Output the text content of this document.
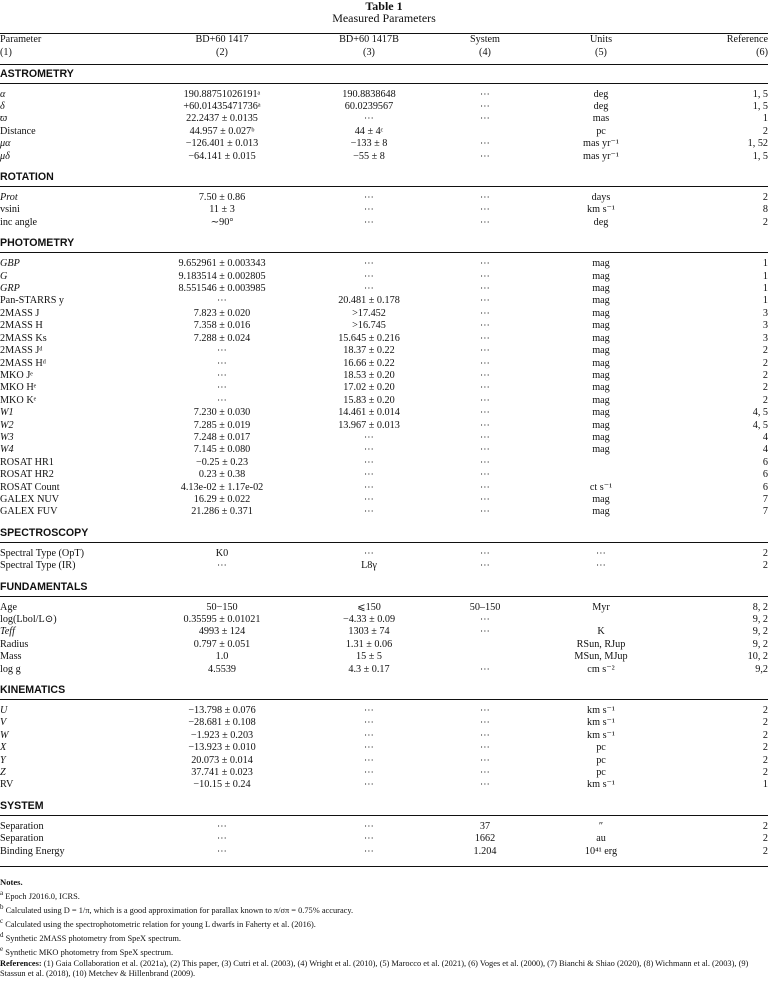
Table 1
Measured Parameters
Parameter	BD+60 1417	BD+60 1417B	System	Units	Reference
(1)	(2)	(3)	(4)	(5)	(6)

ASTROMETRY					

α	190.88751026191ᵃ	190.8838648	⋯	deg	1, 5
δ	+60.01435471736ᵃ	60.0239567	⋯	deg	1, 5
ϖ	22.2437 ± 0.0135	⋯	⋯	mas	1
Distance	44.957 ± 0.027ᵇ	44 ± 4ᶜ		pc	2
μα	−126.401 ± 0.013	−133 ± 8	⋯	mas yr⁻¹	1, 52
μδ	−64.141 ± 0.015	−55 ± 8	⋯	mas yr⁻¹	1, 5

ROTATION					

Prot	7.50 ± 0.86	⋯	⋯	days	2
vsini	11 ± 3	⋯	⋯	km s⁻¹	8
inc angle	∼90°	⋯	⋯	deg	2

PHOTOMETRY					

GBP	9.652961 ± 0.003343	⋯	⋯	mag	1
G	9.183514 ± 0.002805	⋯	⋯	mag	1
GRP	8.551546 ± 0.003985	⋯	⋯	mag	1
Pan-STARRS y	⋯	20.481 ± 0.178	⋯	mag	1
2MASS J	7.823 ± 0.020	>17.452	⋯	mag	3
2MASS H	7.358 ± 0.016	>16.745	⋯	mag	3
2MASS Ks	7.288 ± 0.024	15.645 ± 0.216	⋯	mag	3
2MASS Jᵈ	⋯	18.37 ± 0.22	⋯	mag	2
2MASS Hᵈ	⋯	16.66 ± 0.22	⋯	mag	2
MKO Jᵉ	⋯	18.53 ± 0.20	⋯	mag	2
MKO Hᵉ	⋯	17.02 ± 0.20	⋯	mag	2
MKO Kᵉ	⋯	15.83 ± 0.20	⋯	mag	2
W1	7.230 ± 0.030	14.461 ± 0.014	⋯	mag	4, 5
W2	7.285 ± 0.019	13.967 ± 0.013	⋯	mag	4, 5
W3	7.248 ± 0.017	⋯	⋯	mag	4
W4	7.145 ± 0.080	⋯	⋯	mag	4
ROSAT HR1	−0.25 ± 0.23	⋯	⋯		6
ROSAT HR2	0.23 ± 0.38	⋯	⋯		6
ROSAT Count	4.13e-02 ± 1.17e-02	⋯	⋯	ct s⁻¹	6
GALEX NUV	16.29 ± 0.022	⋯	⋯	mag	7
GALEX FUV	21.286 ± 0.371	⋯	⋯	mag	7

SPECTROSCOPY					

Spectral Type (OpT)	K0	⋯	⋯	⋯	2
Spectral Type (IR)	⋯	L8γ	⋯	⋯	2

FUNDAMENTALS					

Age	50−150	⩽150	50–150	Myr	8, 2
log(Lbol/L⊙)	0.35595 ± 0.01021	−4.33 ± 0.09	⋯		9, 2
Teff	4993 ± 124	1303 ± 74	⋯	K	9, 2
Radius	0.797 ± 0.051	1.31 ± 0.06		RSun, RJup	9, 2
Mass	1.0	15 ± 5		MSun, MJup	10, 2
log g	4.5539	4.3 ± 0.17	⋯	cm s⁻²	9,2

KINEMATICS					

U	−13.798 ± 0.076	⋯	⋯	km s⁻¹	2
V	−28.681 ± 0.108	⋯	⋯	km s⁻¹	2
W	−1.923 ± 0.203	⋯	⋯	km s⁻¹	2
X	−13.923 ± 0.010	⋯	⋯	pc	2
Y	20.073 ± 0.014	⋯	⋯	pc	2
Z	37.741 ± 0.023	⋯	⋯	pc	2
RV	−10.15 ± 0.24	⋯	⋯	km s⁻¹	1

SYSTEM					

Separation	⋯	⋯	37	″	2
Separation	⋯	⋯	1662	au	2
Binding Energy	⋯	⋯	1.204	10⁴¹ erg	2

Notes.
$^a$ Epoch J2016.0, ICRS.
$^b$ Calculated using D = 1/π, which is a good approximation for parallax known to π/σπ = 0.75% accuracy.
$^c$ Calculated using the spectrophotometric relation for young L dwarfs in Faherty et al. (2016).
$^d$ Synthetic 2MASS photometry from SpeX spectrum.
$^e$ Synthetic MKO photometry from SpeX spectrum.
References: (1) Gaia Collaboration et al. (2021a), (2) This paper, (3) Cutri et al. (2003), (4) Wright et al. (2010), (5) Marocco et al. (2021), (6) Voges et al. (2000), (7) Bianchi & Shiao (2020), (8) Wichmann et al. (2003), (9) Stassun et al. (2018), (10) Metchev & Hillenbrand (2009).
